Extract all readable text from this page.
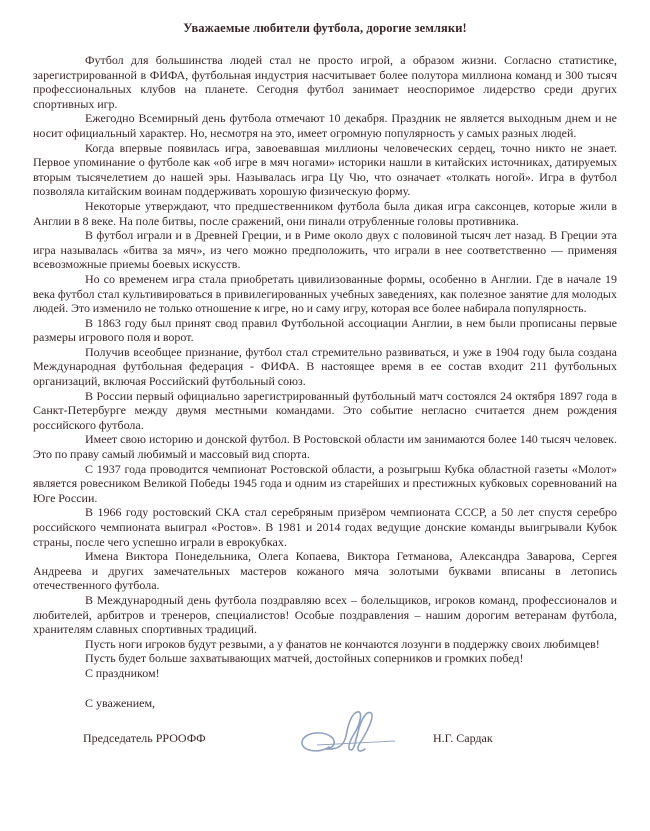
Уважаемые любители футбола, дорогие земляки!

Футбол для большинства людей стал не просто игрой, а образом жизни. Согласно статистике, зарегистрированной в ФИФА, футбольная индустрия насчитывает более полутора миллиона команд и 300 тысяч профессиональных клубов на планете. Сегодня футбол занимает неоспоримое лидерство среди других спортивных игр.

Ежегодно Всемирный день футбола отмечают 10 декабря. Праздник не является выходным днем и не носит официальный характер. Но, несмотря на это, имеет огромную популярность у самых разных людей.

Когда впервые появилась игра, завоевавшая миллионы человеческих сердец, точно никто не знает. Первое упоминание о футболе как «об игре в мяч ногами» историки нашли в китайских источниках, датируемых вторым тысячелетием до нашей эры. Называлась игра Цу Чю, что означает «толкать ногой». Игра в футбол позволяла китайским воинам поддерживать хорошую физическую форму.

Некоторые утверждают, что предшественником футбола была дикая игра саксонцев, которые жили в Англии в 8 веке. На поле битвы, после сражений, они пинали отрубленные головы противника.

В футбол играли и в Древней Греции, и в Риме около двух с половиной тысяч лет назад. В Греции эта игра называлась «битва за мяч», из чего можно предположить, что играли в нее соответственно — применяя всевозможные приемы боевых искусств.

Но со временем игра стала приобретать цивилизованные формы, особенно в Англии. Где в начале 19 века футбол стал культивироваться в привилегированных учебных заведениях, как полезное занятие для молодых людей. Это изменило не только отношение к игре, но и саму игру, которая все более набирала популярность.

В 1863 году был принят свод правил Футбольной ассоциации Англии, в нем были прописаны первые размеры игрового поля и ворот.

Получив всеобщее признание, футбол стал стремительно развиваться, и уже в 1904 году была создана Международная футбольная федерация - ФИФА. В настоящее время в ее состав входит 211 футбольных организаций, включая Российский футбольный союз.

В России первый официально зарегистрированный футбольный матч состоялся 24 октября 1897 года в Санкт-Петербурге между двумя местными командами. Это событие негласно считается днем рождения российского футбола.

Имеет свою историю и донской футбол. В Ростовской области им занимаются более 140 тысяч человек. Это по праву самый любимый и массовый вид спорта.

С 1937 года проводится чемпионат Ростовской области, а розыгрыш Кубка областной газеты «Молот» является ровесником Великой Победы 1945 года и одним из старейших и престижных кубковых соревнований на Юге России.

В 1966 году ростовский СКА стал серебряным призёром чемпионата СССР, а 50 лет спустя серебро российского чемпионата выиграл «Ростов». В 1981 и 2014 годах ведущие донские команды выигрывали Кубок страны, после чего успешно играли в еврокубках.

Имена Виктора Понедельника, Олега Копаева, Виктора Гетманова, Александра Заварова, Сергея Андреева и других замечательных мастеров кожаного мяча золотыми буквами вписаны в летопись отечественного футбола.

В Международный день футбола поздравляю всех – болельщиков, игроков команд, профессионалов и любителей, арбитров и тренеров, специалистов! Особые поздравления – нашим дорогим ветеранам футбола, хранителям славных спортивных традиций.

Пусть ноги игроков будут резвыми, а у фанатов не кончаются лозунги в поддержку своих любимцев!

Пусть будет больше захватывающих матчей, достойных соперников и громких побед!

С праздником!

С уважением,

Председатель РРООФФ	Н.Г. Сардак
